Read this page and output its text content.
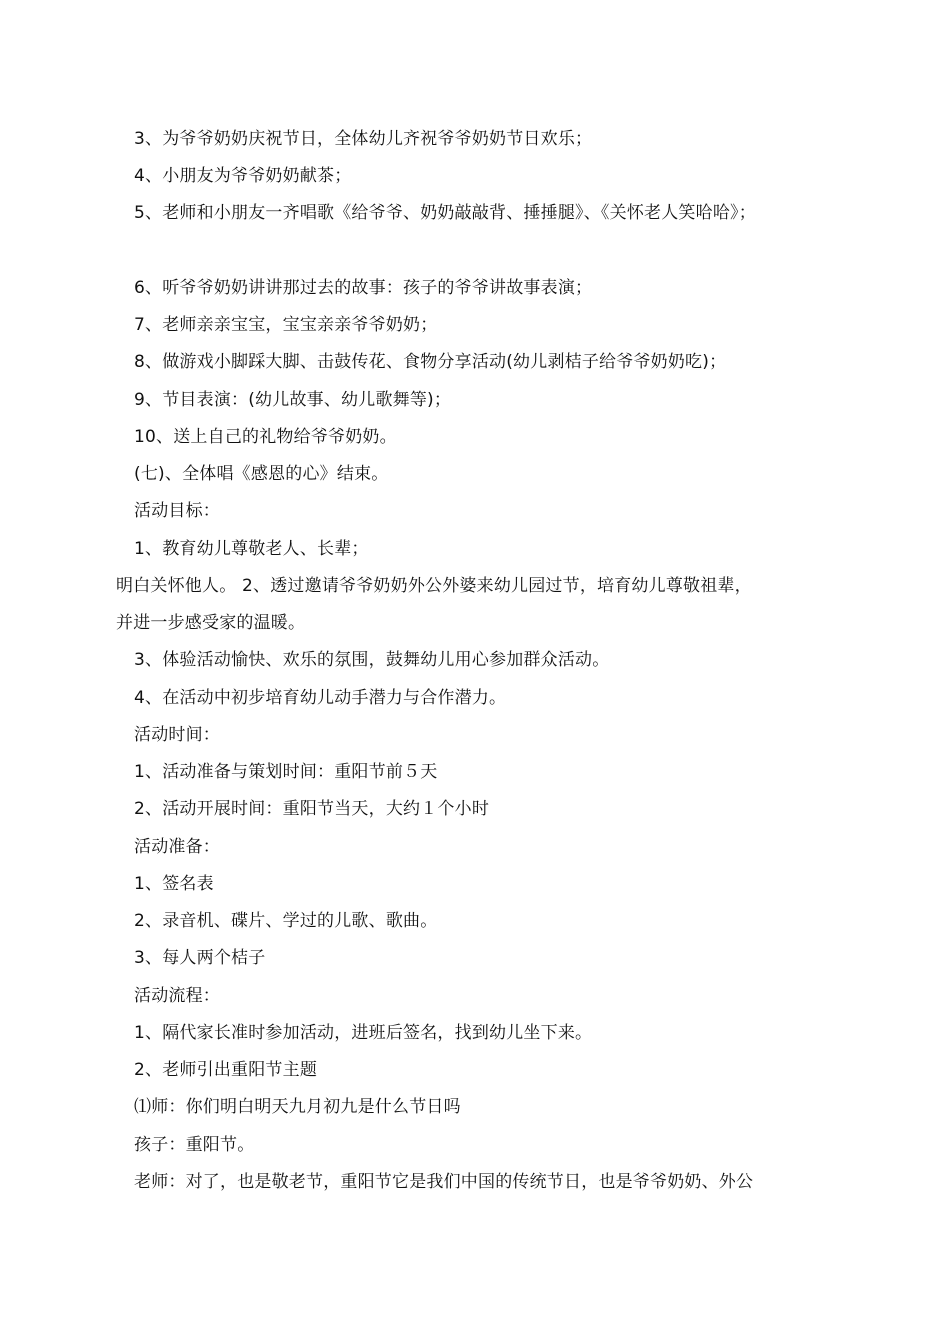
3、为爷爷奶奶庆祝节日，全体幼儿齐祝爷爷奶奶节日欢乐；
4、小朋友为爷爷奶奶献茶；
5、老师和小朋友一齐唱歌《给爷爷、奶奶敲敲背、捶捶腿》、《关怀老人笑哈哈》；
6、听爷爷奶奶讲讲那过去的故事：孩子的爷爷讲故事表演；
7、老师亲亲宝宝，宝宝亲亲爷爷奶奶；
8、做游戏小脚踩大脚、击鼓传花、食物分享活动(幼儿剥桔子给爷爷奶奶吃)；
9、节目表演：(幼儿故事、幼儿歌舞等)；
10、送上自己的礼物给爷爷奶奶。
(七)、全体唱《感恩的心》结束。
活动目标：
1、教育幼儿尊敬老人、长辈；
明白关怀他人。 2、透过邀请爷爷奶奶外公外婆来幼儿园过节，培育幼儿尊敬祖辈，
并进一步感受家的温暖。
3、体验活动愉快、欢乐的氛围，鼓舞幼儿用心参加群众活动。
4、在活动中初步培育幼儿动手潜力与合作潜力。
活动时间：
1、活动准备与策划时间：重阳节前５天
2、活动开展时间：重阳节当天，大约１个小时
活动准备：
1、签名表
2、录音机、碟片、学过的儿歌、歌曲。
3、每人两个桔子
活动流程：
1、隔代家长准时参加活动，进班后签名，找到幼儿坐下来。
2、老师引出重阳节主题
⑴师：你们明白明天九月初九是什么节日吗
孩子：重阳节。
老师：对了，也是敬老节，重阳节它是我们中国的传统节日，也是爷爷奶奶、外公
